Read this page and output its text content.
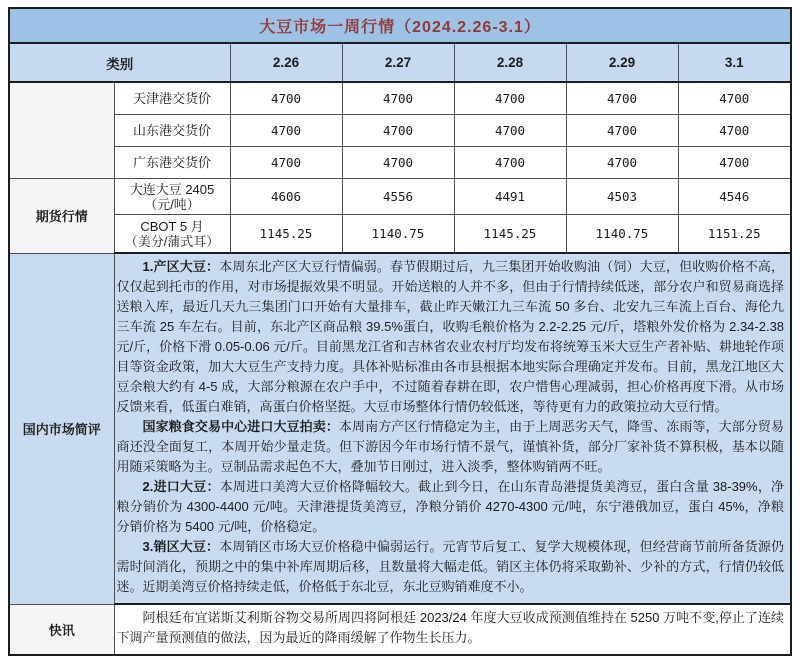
大豆市场一周行情（2024.2.26-3.1）						
类别		2.26	2.27	2.28	2.29	3.1

	天津港交货价	4700	4700	4700	4700	4700

	山东港交货价	4700	4700	4700	4700	4700

	广东港交货价	4700	4700	4700	4700	4700
期货行情	大连大豆 2405
（元/吨）	4606	4556	4491	4503	4546

	CBOT 5 月
（美分/蒲式耳）	1145.25	1140.75	1145.25	1140.75	1151.25
国内市场简评	1.产区大豆：本周东北产区大豆行情偏弱。春节假期过后，九三集团开始收购油（饲）大豆，但收购价格不高，仅仅起到托市的作用，对市场提振效果不明显。开始送粮的人并不多，但由于行情持续低迷，部分农户和贸易商选择送粮入库，最近几天九三集团门口开始有大量排车，截止昨天嫩江九三车流 50 多台、北安九三车流上百台、海伦九三车流 25 车左右。目前，东北产区商品粮 39.5%蛋白，收购毛粮价格为 2.2-2.25 元/斤，塔粮外发价格为 2.34-2.38 元/斤，价格下滑 0.05-0.06 元/斤。目前黑龙江省和吉林省农业农村厅均发布将统筹玉米大豆生产者补贴、耕地轮作项目等资金政策，加大大豆生产支持力度。具体补贴标准由各市县根据本地实际合理确定并发布。目前，黑龙江地区大豆余粮大约有 4-5 成，大部分粮源在农户手中，不过随着春耕在即，农户惜售心理减弱，担心价格再度下滑。从市场反馈来看，低蛋白难销，高蛋白价格坚挺。大豆市场整体行情仍较低迷，等待更有力的政策拉动大豆行情。

国家粮食交易中心进口大豆拍卖：本周南方产区行情稳定为主，由于上周恶劣天气，降雪、冻雨等，大部分贸易商还没全面复工，本周开始少量走货。但下游因今年市场行情不景气，谨慎补货，部分厂家补货不算积极，基本以随用随采策略为主。豆制品需求起色不大，叠加节日刚过，进入淡季，整体购销两不旺。

2.进口大豆：本周进口美湾大豆价格降幅较大。截止到今日，在山东青岛港提货美湾豆，蛋白含量 38-39%，净粮分销价为 4300-4400 元/吨。天津港提货美湾豆，净粮分销价 4270-4300 元/吨，东宁港俄加豆，蛋白 45%，净粮分销价格为 5400 元/吨，价格稳定。

3.销区大豆：本周销区市场大豆价格稳中偏弱运行。元宵节后复工、复学大规模体现，但经营商节前所备货源仍需时间消化，预期之中的集中补库周期后移，且数量将大幅走低。销区主体仍将采取勤补、少补的方式，行情仍较低迷。近期美湾豆价格持续走低，价格低于东北豆，东北豆购销难度不小。					

快讯	阿根廷布宜诺斯艾利斯谷物交易所周四将阿根廷 2023/24 年度大豆收成预测值维持在 5250 万吨不变,停止了连续下调产量预测值的做法，因为最近的降雨缓解了作物生长压力。					
